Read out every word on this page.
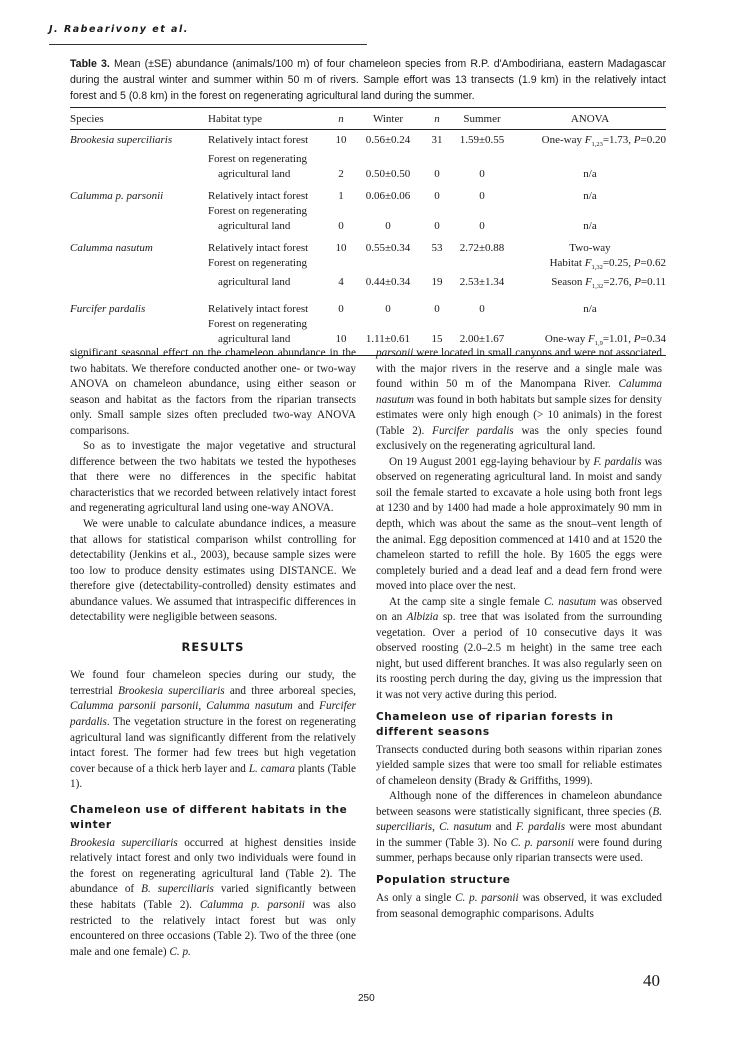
J. Rabearivony et al.
Table 3. Mean (±SE) abundance (animals/100 m) of four chameleon species from R.P. d'Ambodiriana, eastern Madagascar during the austral winter and summer within 50 m of rivers. Sample effort was 13 transects (1.9 km) in the relatively intact forest and 5 (0.8 km) in the forest on regenerating agricultural land during the summer.
Species	Habitat type	n	Winter	n	Summer	ANOVA
Brookesia superciliaris	Relatively intact forest	10	0.56±0.24	31	1.59±0.55	One-way $F_{1,23}=1.73$, P=0.20
	Forest on regenerating					
	agricultural land	2	0.50±0.50	0	0	n/a
Calumma p. parsonii	Relatively intact forest	1	0.06±0.06	0	0	n/a
	Forest on regenerating					
	agricultural land	0	0	0	0	n/a
Calumma nasutum	Relatively intact forest	10	0.55±0.34	53	2.72±0.88	Two-way
	Forest on regenerating					Habitat $F_{1,32}=0.25$, P=0.62
	agricultural land	4	0.44±0.34	19	2.53±1.34	Season $F_{1,32}=2.76$, P=0.11
Furcifer pardalis	Relatively intact forest	0	0	0	0	n/a
	Forest on regenerating					
	agricultural land	10	1.11±0.61	15	2.00±1.67	One-way $F_{1,9}=1.01$, P=0.34

significant seasonal effect on the chameleon abundance in the two habitats. We therefore conducted another one- or two-way ANOVA on chameleon abundance, using either season or season and habitat as the factors from the riparian transects only. Small sample sizes often precluded two-way ANOVA comparisons.

So as to investigate the major vegetative and structural difference between the two habitats we tested the hypotheses that there were no differences in the specific habitat characteristics that we recorded between relatively intact forest and regenerating agricultural land using one-way ANOVA.

We were unable to calculate abundance indices, a measure that allows for statistical comparison whilst controlling for detectability (Jenkins et al., 2003), because sample sizes were too low to produce density estimates using DISTANCE. We therefore give (detectability-controlled) density estimates and abundance values. We assumed that intraspecific differences in detectability were negligible between seasons.

RESULTS

We found four chameleon species during our study, the terrestrial Brookesia superciliaris and three arboreal species, Calumma parsonii parsonii, Calumma nasutum and Furcifer pardalis. The vegetation structure in the forest on regenerating agricultural land was significantly different from the relatively intact forest. The former had few trees but high vegetation cover because of a thick herb layer and L. camara plants (Table 1).

Chameleon use of different habitats in the winter

Brookesia superciliaris occurred at highest densities inside relatively intact forest and only two individuals were found in the forest on regenerating agricultural land (Table 2). The abundance of B. superciliaris varied significantly between these habitats (Table 2). Calumma p. parsonii was also restricted to the relatively intact forest but was only encountered on three occasions (Table 2). Two of the three (one male and one female) C. p.

parsonii were located in small canyons and were not associated with the major rivers in the reserve and a single male was found within 50 m of the Manompana River. Calumma nasutum was found in both habitats but sample sizes for density estimates were only high enough (> 10 animals) in the forest (Table 2). Furcifer pardalis was the only species found exclusively on the regenerating agricultural land.

On 19 August 2001 egg-laying behaviour by F. pardalis was observed on regenerating agricultural land. In moist and sandy soil the female started to excavate a hole using both front legs at 1230 and by 1400 had made a hole approximately 90 mm in depth, which was about the same as the snout–vent length of the animal. Egg deposition commenced at 1410 and at 1520 the chameleon started to refill the hole. By 1605 the eggs were completely buried and a dead leaf and a dead fern frond were moved into place over the nest.

At the camp site a single female C. nasutum was observed on an Albizia sp. tree that was isolated from the surrounding vegetation. Over a period of 10 consecutive days it was observed roosting (2.0–2.5 m height) in the same tree each night, but used different branches. It was also regularly seen on its roosting perch during the day, giving us the impression that it was not very active during this period.

Chameleon use of riparian forests in different seasons

Transects conducted during both seasons within riparian zones yielded sample sizes that were too small for reliable estimates of chameleon density (Brady & Griffiths, 1999).

Although none of the differences in chameleon abundance between seasons were statistically significant, three species (B. superciliaris, C. nasutum and F. pardalis were most abundant in the summer (Table 3). No C. p. parsonii were found during summer, perhaps because only riparian transects were used.

Population structure

As only a single C. p. parsonii was observed, it was excluded from seasonal demographic comparisons. Adults

40
250
